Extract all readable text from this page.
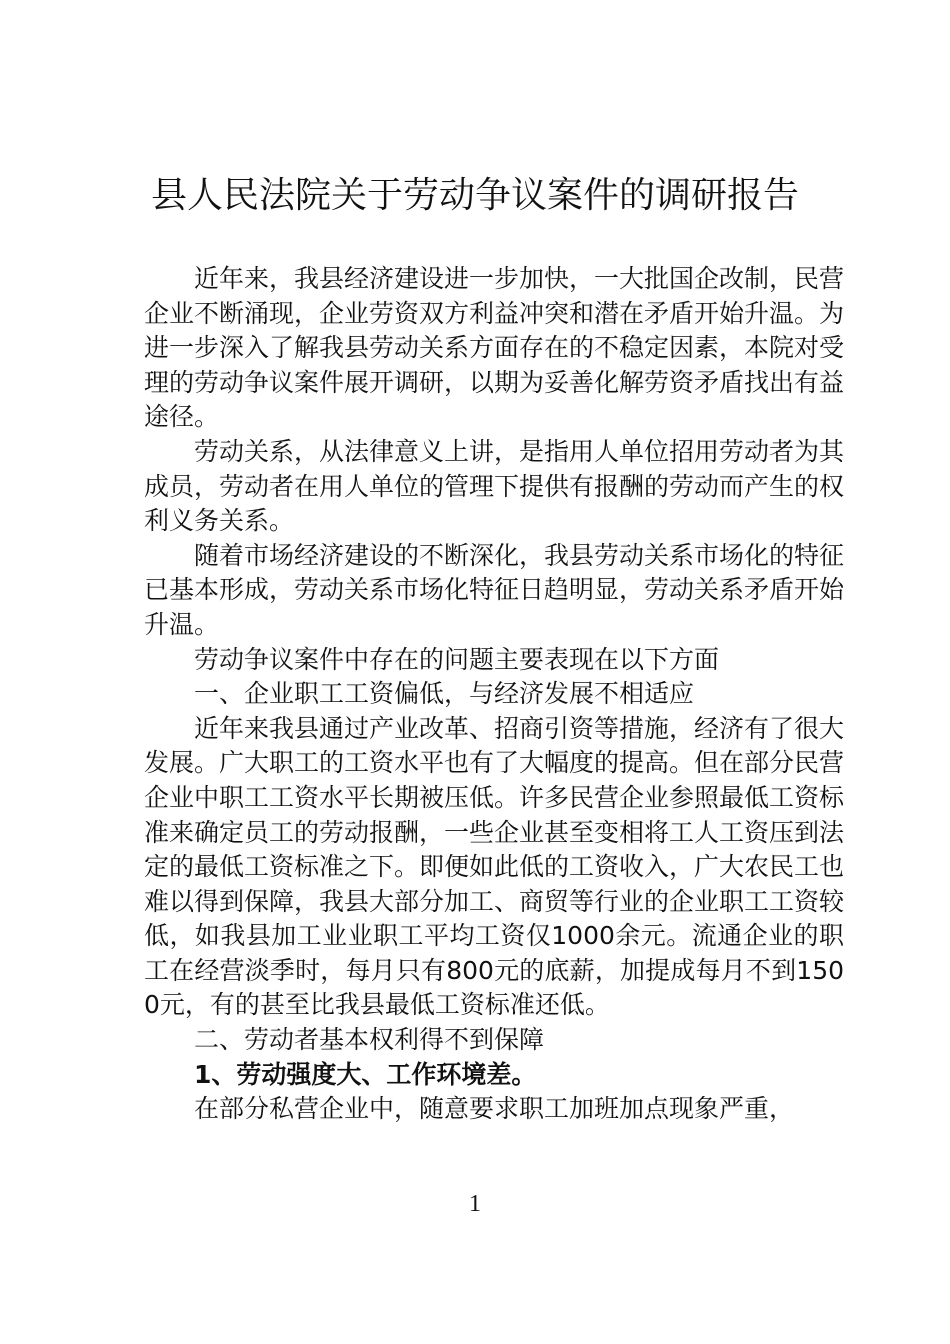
县人民法院关于劳动争议案件的调研报告

近年来，我县经济建设进一步加快，一大批国企改制，民营企业不断涌现，企业劳资双方利益冲突和潜在矛盾开始升温。为进一步深入了解我县劳动关系方面存在的不稳定因素，本院对受理的劳动争议案件展开调研，以期为妥善化解劳资矛盾找出有益途径。

劳动关系，从法律意义上讲，是指用人单位招用劳动者为其成员，劳动者在用人单位的管理下提供有报酬的劳动而产生的权利义务关系。

随着市场经济建设的不断深化，我县劳动关系市场化的特征已基本形成，劳动关系市场化特征日趋明显，劳动关系矛盾开始升温。

劳动争议案件中存在的问题主要表现在以下方面

一、企业职工工资偏低，与经济发展不相适应

近年来我县通过产业改革、招商引资等措施，经济有了很大发展。广大职工的工资水平也有了大幅度的提高。但在部分民营企业中职工工资水平长期被压低。许多民营企业参照最低工资标准来确定员工的劳动报酬，一些企业甚至变相将工人工资压到法定的最低工资标准之下。即便如此低的工资收入，广大农民工也难以得到保障，我县大部分加工、商贸等行业的企业职工工资较低，如我县加工业业职工平均工资仅1000余元。流通企业的职工在经营淡季时，每月只有800元的底薪，加提成每月不到1500元，有的甚至比我县最低工资标准还低。

二、劳动者基本权利得不到保障

1、劳动强度大、工作环境差。

在部分私营企业中，随意要求职工加班加点现象严重，

1
